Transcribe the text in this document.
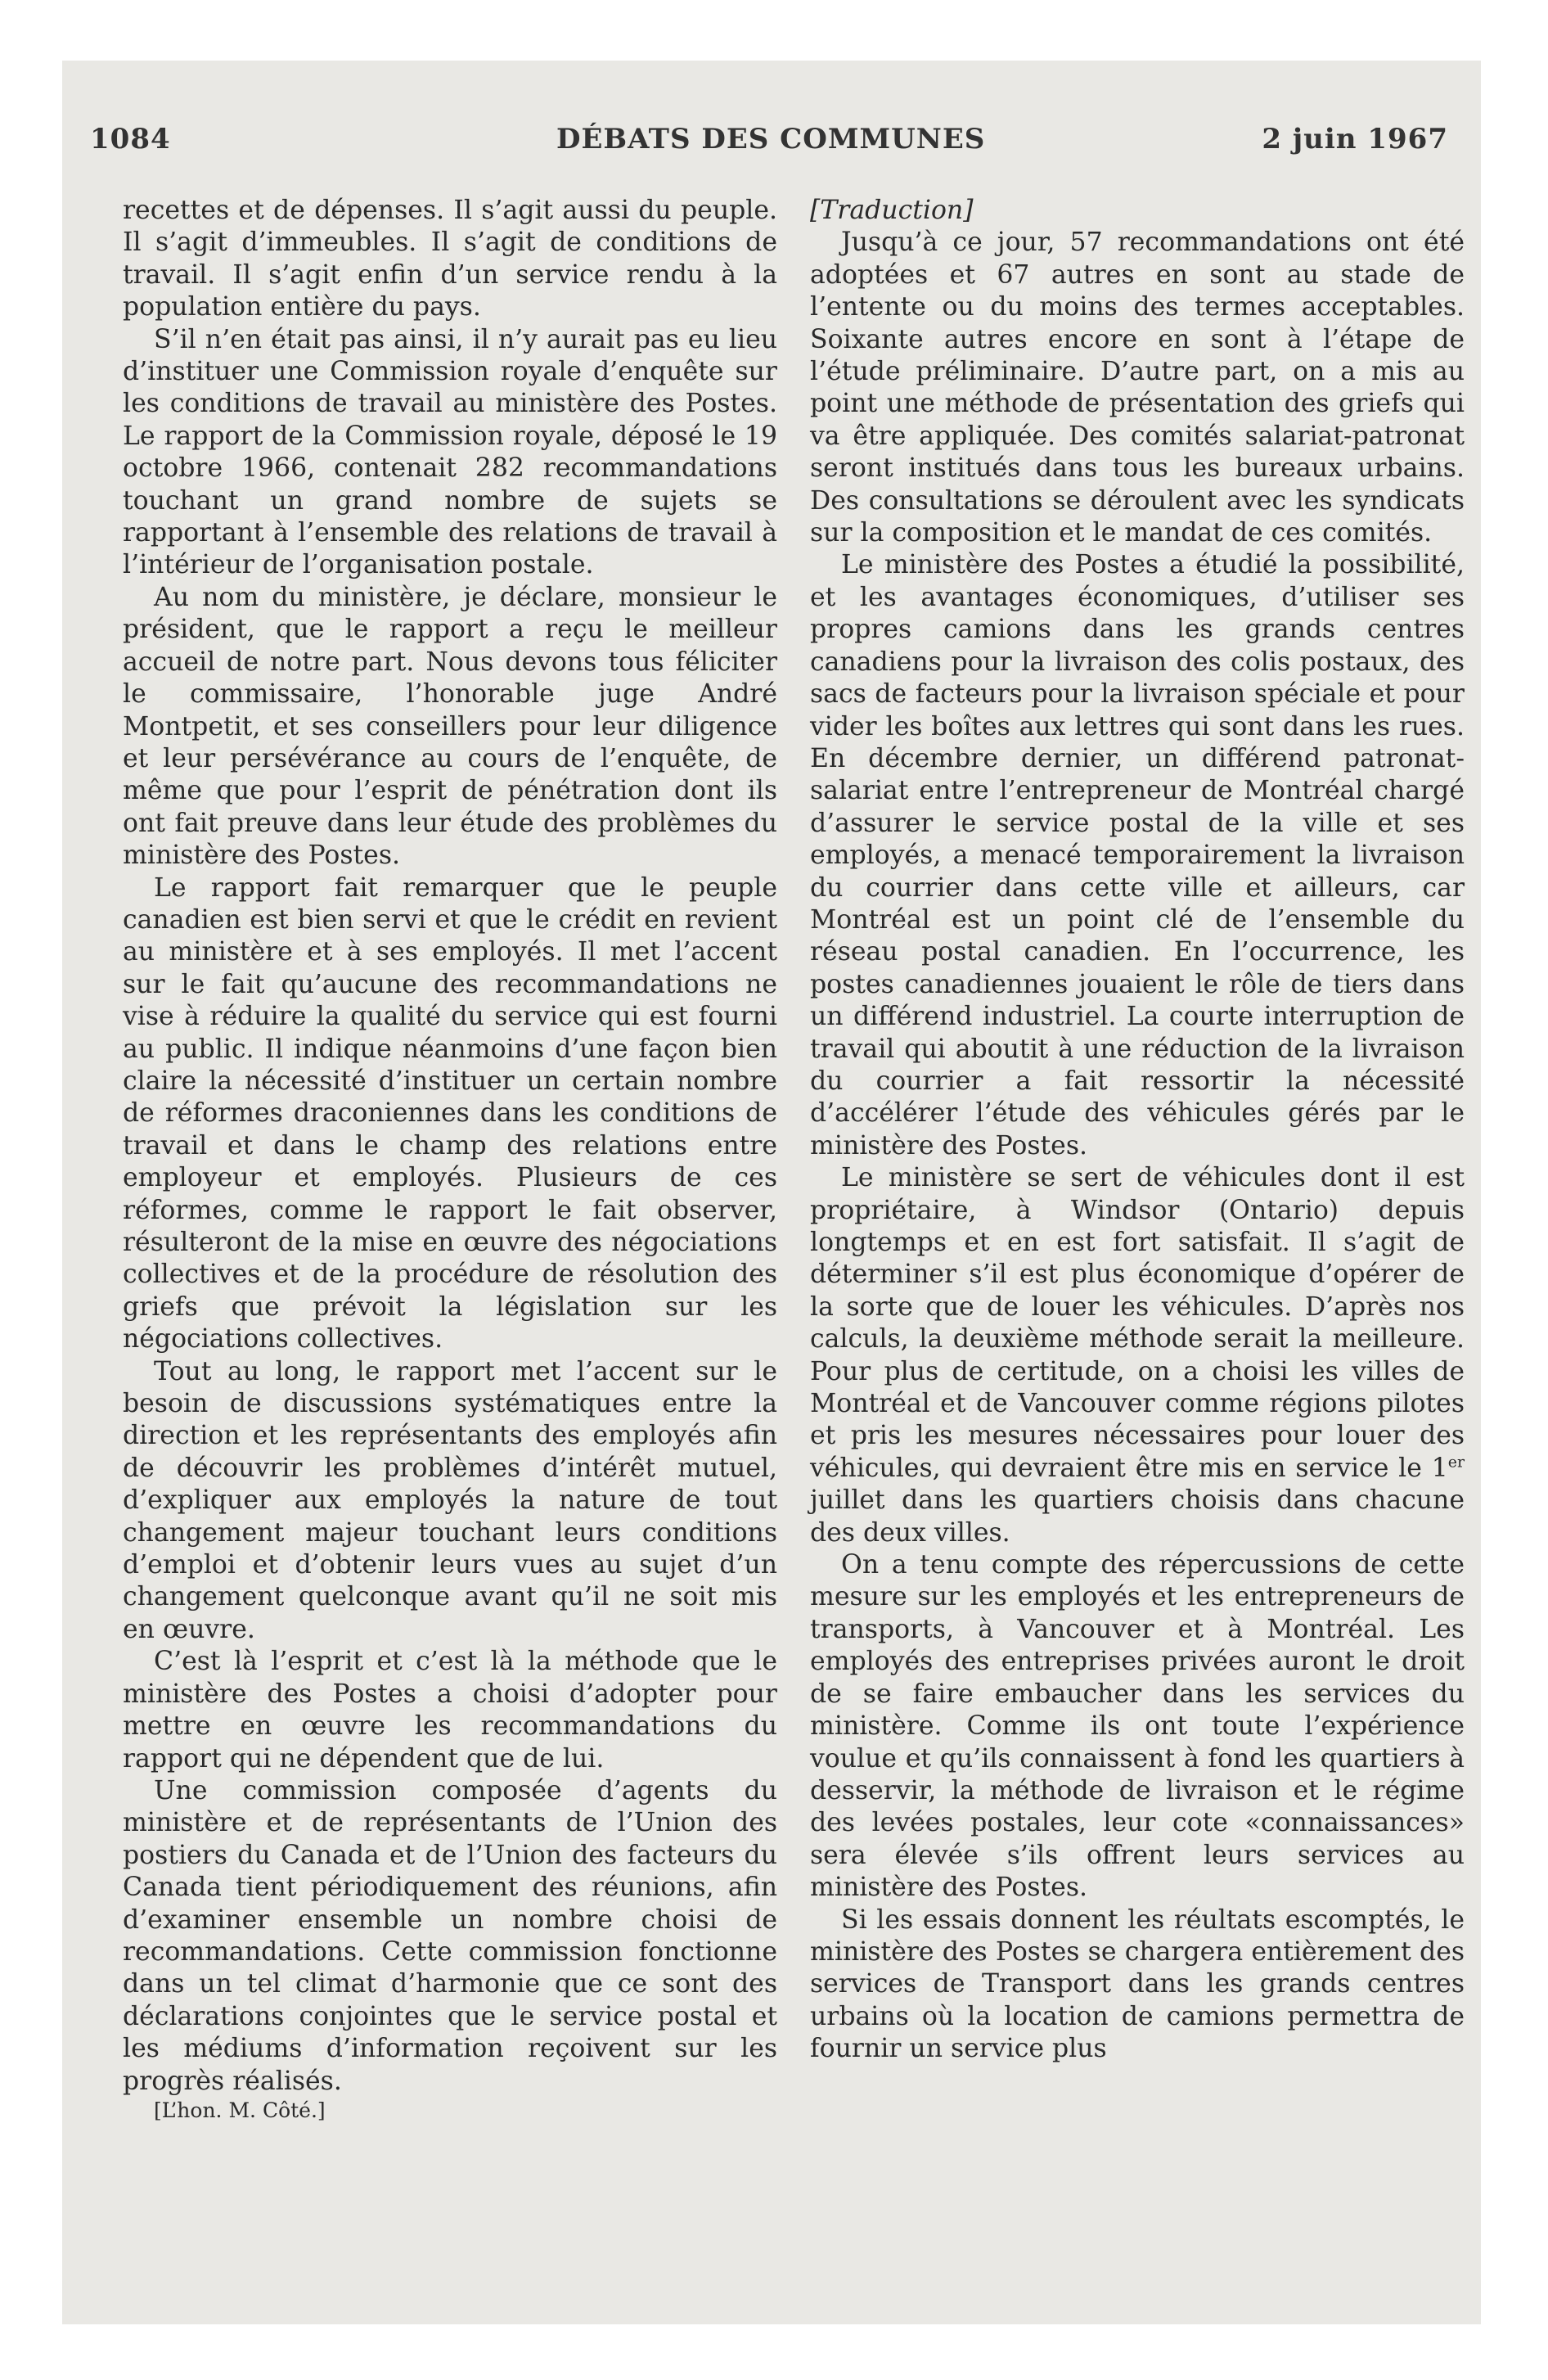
1084	DÉBATS DES COMMUNES	2 juin 1967

recettes et de dépenses. Il s’agit aussi du peuple. Il s’agit d’immeubles. Il s’agit de conditions de travail. Il s’agit enfin d’un service rendu à la population entière du pays.

S’il n’en était pas ainsi, il n’y aurait pas eu lieu d’instituer une Commission royale d’enquête sur les conditions de travail au ministère des Postes. Le rapport de la Commission royale, déposé le 19 octobre 1966, contenait 282 recommandations touchant un grand nombre de sujets se rapportant à l’ensemble des relations de travail à l’intérieur de l’organisation postale.

Au nom du ministère, je déclare, monsieur le président, que le rapport a reçu le meilleur accueil de notre part. Nous devons tous féliciter le commissaire, l’honorable juge André Montpetit, et ses conseillers pour leur diligence et leur persévérance au cours de l’enquête, de même que pour l’esprit de pénétration dont ils ont fait preuve dans leur étude des problèmes du ministère des Postes.

Le rapport fait remarquer que le peuple canadien est bien servi et que le crédit en revient au ministère et à ses employés. Il met l’accent sur le fait qu’aucune des recommandations ne vise à réduire la qualité du service qui est fourni au public. Il indique néanmoins d’une façon bien claire la nécessité d’instituer un certain nombre de réformes draconiennes dans les conditions de travail et dans le champ des relations entre employeur et employés. Plusieurs de ces réformes, comme le rapport le fait observer, résulteront de la mise en œuvre des négociations collectives et de la procédure de résolution des griefs que prévoit la législation sur les négociations collectives.

Tout au long, le rapport met l’accent sur le besoin de discussions systématiques entre la direction et les représentants des employés afin de découvrir les problèmes d’intérêt mutuel, d’expliquer aux employés la nature de tout changement majeur touchant leurs conditions d’emploi et d’obtenir leurs vues au sujet d’un changement quelconque avant qu’il ne soit mis en œuvre.

C’est là l’esprit et c’est là la méthode que le ministère des Postes a choisi d’adopter pour mettre en œuvre les recommandations du rapport qui ne dépendent que de lui.

Une commission composée d’agents du ministère et de représentants de l’Union des postiers du Canada et de l’Union des facteurs du Canada tient périodiquement des réunions, afin d’examiner ensemble un nombre choisi de recommandations. Cette commission fonctionne dans un tel climat d’harmonie que ce sont des déclarations conjointes que le service postal et les médiums d’information reçoivent sur les progrès réalisés.

[L’hon. M. Côté.]

[Traduction]

Jusqu’à ce jour, 57 recommandations ont été adoptées et 67 autres en sont au stade de l’entente ou du moins des termes acceptables. Soixante autres encore en sont à l’étape de l’étude préliminaire. D’autre part, on a mis au point une méthode de présentation des griefs qui va être appliquée. Des comités salariat-patronat seront institués dans tous les bureaux urbains. Des consultations se déroulent avec les syndicats sur la composition et le mandat de ces comités.

Le ministère des Postes a étudié la possibilité, et les avantages économiques, d’utiliser ses propres camions dans les grands centres canadiens pour la livraison des colis postaux, des sacs de facteurs pour la livraison spéciale et pour vider les boîtes aux lettres qui sont dans les rues. En décembre dernier, un différend patronat-salariat entre l’entrepreneur de Montréal chargé d’assurer le service postal de la ville et ses employés, a menacé temporairement la livraison du courrier dans cette ville et ailleurs, car Montréal est un point clé de l’ensemble du réseau postal canadien. En l’occurrence, les postes canadiennes jouaient le rôle de tiers dans un différend industriel. La courte interruption de travail qui aboutit à une réduction de la livraison du courrier a fait ressortir la nécessité d’accélérer l’étude des véhicules gérés par le ministère des Postes.

Le ministère se sert de véhicules dont il est propriétaire, à Windsor (Ontario) depuis longtemps et en est fort satisfait. Il s’agit de déterminer s’il est plus économique d’opérer de la sorte que de louer les véhicules. D’après nos calculs, la deuxième méthode serait la meilleure. Pour plus de certitude, on a choisi les villes de Montréal et de Vancouver comme régions pilotes et pris les mesures nécessaires pour louer des véhicules, qui devraient être mis en service le 1er juillet dans les quartiers choisis dans chacune des deux villes.

On a tenu compte des répercussions de cette mesure sur les employés et les entrepreneurs de transports, à Vancouver et à Montréal. Les employés des entreprises privées auront le droit de se faire embaucher dans les services du ministère. Comme ils ont toute l’expérience voulue et qu’ils connaissent à fond les quartiers à desservir, la méthode de livraison et le régime des levées postales, leur cote «connaissances» sera élevée s’ils offrent leurs services au ministère des Postes.

Si les essais donnent les réultats escomptés, le ministère des Postes se chargera entièrement des services de Transport dans les grands centres urbains où la location de camions permettra de fournir un service plus
